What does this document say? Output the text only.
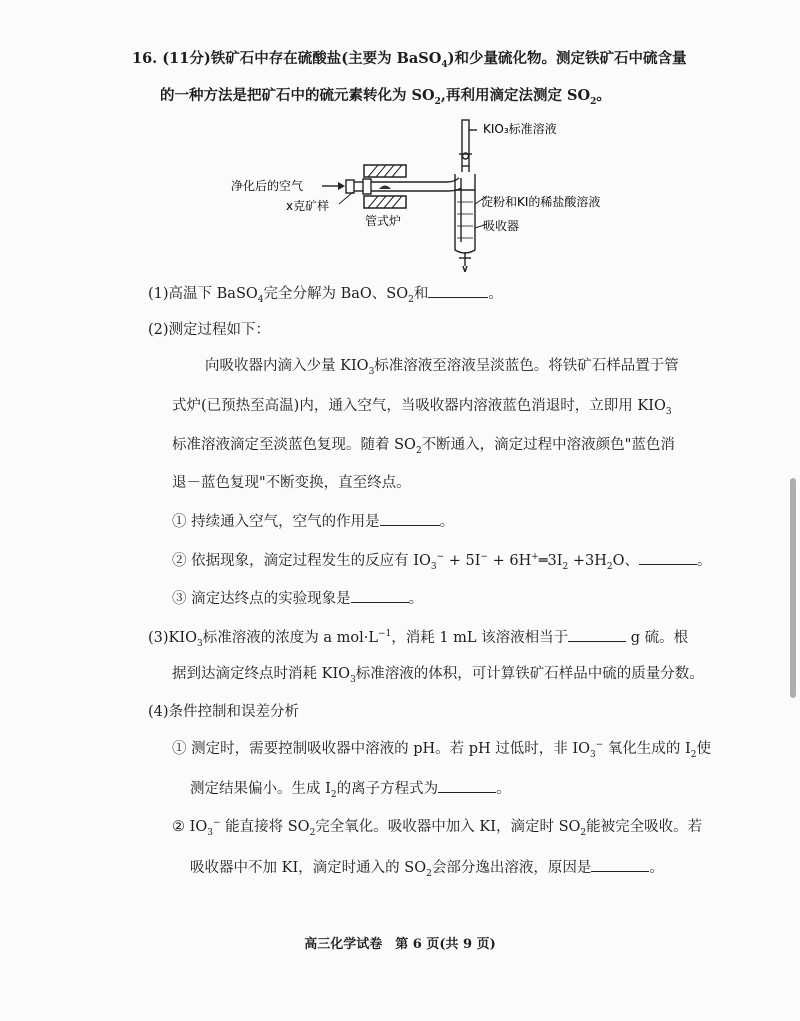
16. (11分)铁矿石中存在硫酸盐(主要为 BaSO$_4$)和少量硫化物。测定铁矿石中硫含量
的一种方法是把矿石中的硫元素转化为 $SO_2$,再利用滴定法测定 $SO_2$。
KIO₃标准溶液
净化后的空气
x克矿样
管式炉
淀粉和KI的稀盐酸溶液
吸收器
(1)高温下 BaSO$_4$完全分解为 BaO、$SO_2$和	。
(2)测定过程如下：
向吸收器内滴入少量 $KIO_3$标准溶液至溶液呈淡蓝色。将铁矿石样品置于管
式炉(已预热至高温)内，通入空气，当吸收器内溶液蓝色消退时，立即用 $KIO_3$
标准溶液滴定至淡蓝色复现。随着 $SO_2$不断通入，滴定过程中溶液颜色"蓝色消
退－蓝色复现"不断变换，直至终点。
① 持续通入空气，空气的作用是	。
② 依据现象，滴定过程发生的反应有 $IO_3^- + 5I^-$ + $6H^+═3I_2 +3H_2O$、	。
③ 滴定达终点的实验现象是	。
$(3)KIO_3$标准溶液的浓度为 a $mol\cdot L^{-1}$，消耗 1 mL 该溶液相当于	g 硫。根
据到达滴定终点时消耗 $KIO_3$标准溶液的体积，可计算铁矿石样品中硫的质量分数。
(4)条件控制和误差分析
① 测定时，需要控制吸收器中溶液的 pH。若 pH 过低时，非 $IO_3^-$ 氧化生成的 $I_2$使
测定结果偏小。生成 $I_2$的离子方程式为	。
② $IO_3^-$ 能直接将 $SO_2$完全氧化。吸收器中加入 KI，滴定时 $SO_2$能被完全吸收。若
吸收器中不加 KI，滴定时通入的 $SO_2$会部分逸出溶液，原因是	。
高三化学试卷　第 6 页(共 9 页)
